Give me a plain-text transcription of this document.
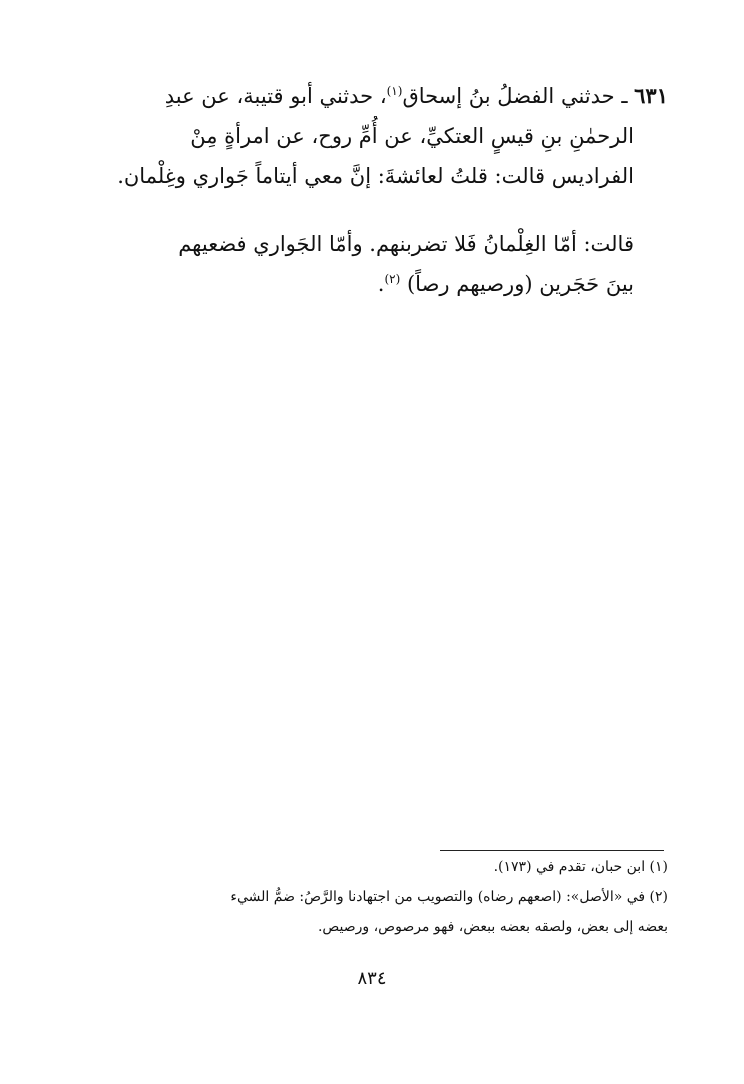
٦٣١ ـ حدثني الفضلُ بنُ إسحاق$^{(١)}$، حدثني أبو قتيبة، عن عبدِ
الرحمٰنِ بنِ قيسٍ العتكيِّ، عن أُمِّ روح، عن امرأةٍ مِنْ
الفراديس قالت: قلتُ لعائشةَ: إنَّ معي أيتاماً جَواري وغِلْمان.
قالت: أمّا الغِلْمانُ فَلا تضربنهم. وأمّا الجَواري فضعيهم
بينَ حَجَرين (ورصيهم رصاً) $^{(٢)}$.
(١) ابن حبان، تقدم في (١٧٣).
(٢) في «الأصل»: (اصعهم رضاه) والتصويب من اجتهادنا والرَّصُ: ضمُّ الشيء
بعضه إلى بعض، ولصقه بعضه ببعض، فهو مرصوص، ورصيص.
٨٣٤
